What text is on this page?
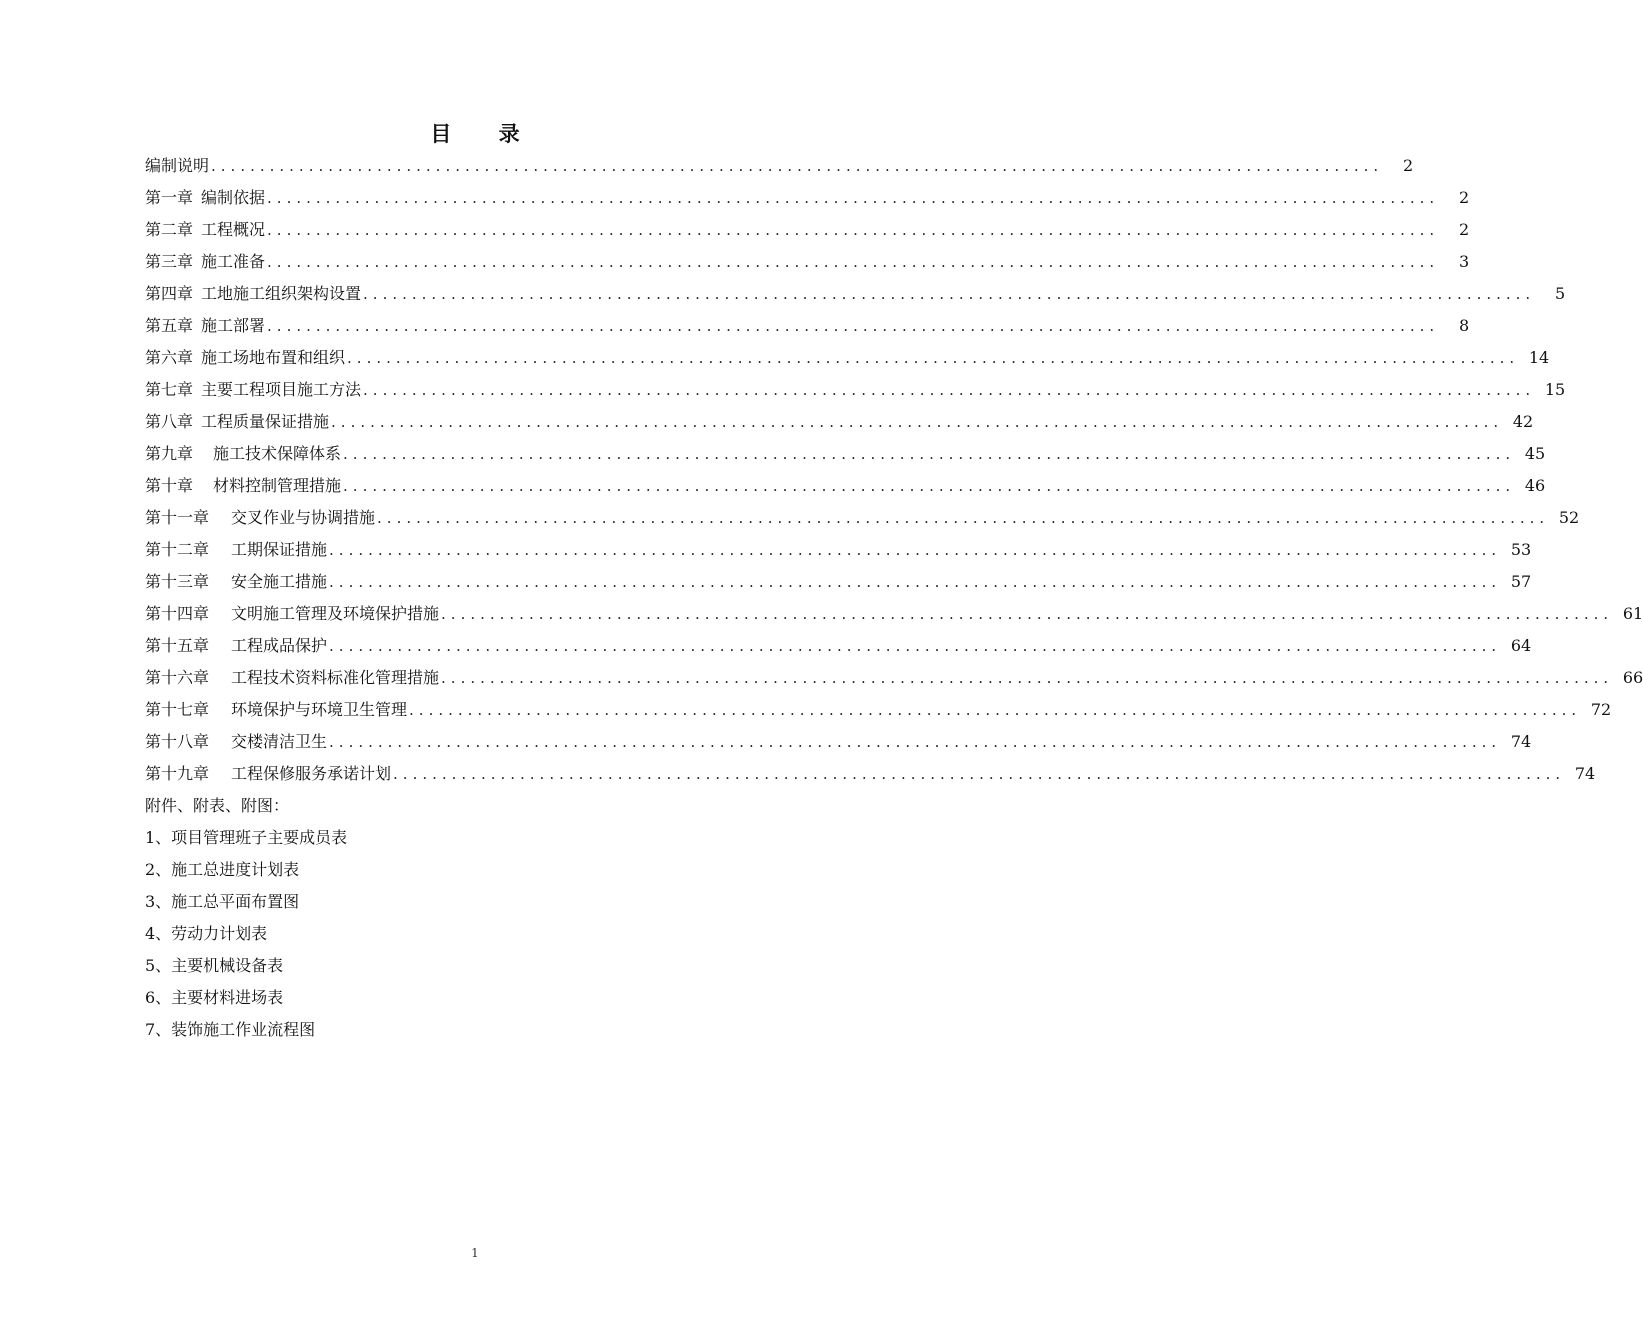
目 录
编制说明 ........................................................................................................................	2
第一章 编制依据 ........................................................................................................................	2
第二章 工程概况 ........................................................................................................................	2
第三章 施工准备 ........................................................................................................................	3
第四章 工地施工组织架构设置 ........................................................................................................................	5
第五章 施工部署 ........................................................................................................................	8
第六章 施工场地布置和组织 ........................................................................................................................ 14
第七章 主要工程项目施工方法 ........................................................................................................................ 15
第八章 工程质量保证措施 ........................................................................................................................ 42
第九章 施工技术保障体系 ........................................................................................................................ 45
第十章 材料控制管理措施 ........................................................................................................................ 46
第十一章 交叉作业与协调措施 ........................................................................................................................ 52
第十二章 工期保证措施 ........................................................................................................................ 53
第十三章 安全施工措施 ........................................................................................................................ 57
第十四章 文明施工管理及环境保护措施 ........................................................................................................................ 61
第十五章 工程成品保护 ........................................................................................................................ 64
第十六章 工程技术资料标准化管理措施 ........................................................................................................................ 66
第十七章 环境保护与环境卫生管理 ........................................................................................................................ 72
第十八章 交楼清洁卫生 ........................................................................................................................ 74
第十九章 工程保修服务承诺计划 ........................................................................................................................ 74
附件、附表、附图：
1、项目管理班子主要成员表
2、施工总进度计划表
3、施工总平面布置图
4、劳动力计划表
5、主要机械设备表
6、主要材料进场表
7、装饰施工作业流程图
1
